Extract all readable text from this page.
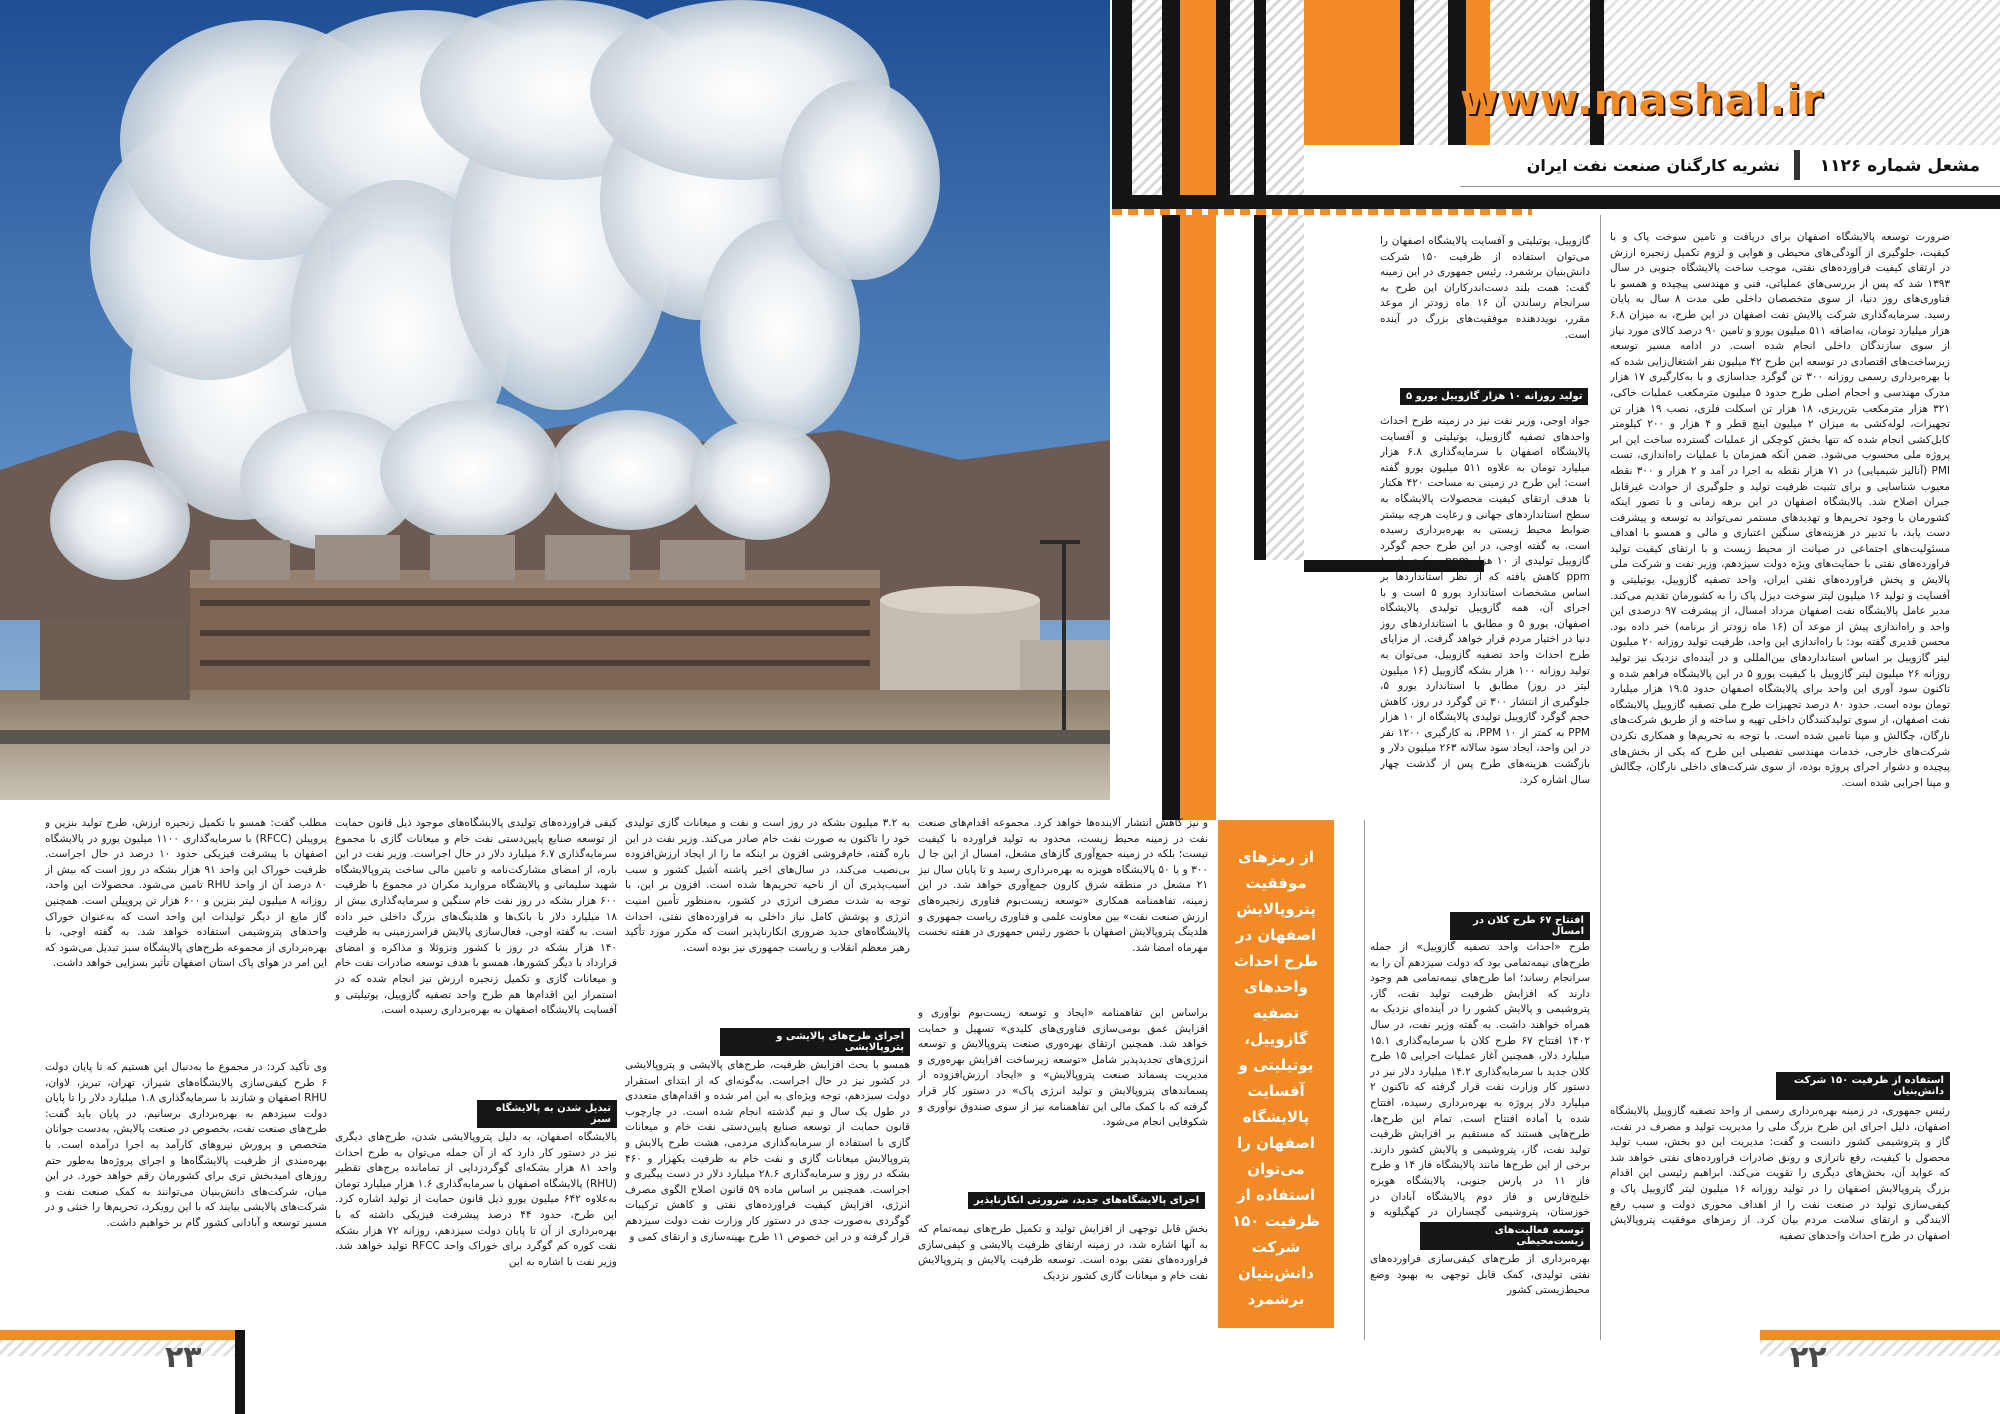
www.mashal.ir
مشعل شماره ۱۱۲۶
نشریه کارگنان صنعت نفت ایران
از رمزهای موفقیت پتروپالایش اصفهان در طرح احداث واحدهای تصفیه گازوییل، یوتیلیتی و آفسایت پالایشگاه اصفهان را می‌توان استفاده از ظرفیت ۱۵۰ شرکت دانش‌بنیان برشمرد

ضرورت توسعه پالایشگاه اصفهان برای دریافت و تامین سوخت پاک و با کیفیت، جلوگیری از آلودگی‌های محیطی و هوایی و لزوم تکمیل زنجیره ارزش در ارتقای کیفیت فراورده‌های نفتی، موجب ساخت پالایشگاه جنوبی در سال ۱۳۹۳ شد که پس از بررسی‌های عملیاتی، فنی و مهندسی پیچیده و همسو با فناوری‌های روز دنیا، از سوی متخصصان داخلی طی مدت ۸ سال به پایان رسید. سرمایه‌گذاری شرکت پالایش نفت اصفهان در این طرح، به میزان ۶.۸ هزار میلیارد تومان، به‌اضافه ۵۱۱ میلیون یورو و تامین ۹۰ درصد کالای مورد نیاز از سوی سازندگان داخلی انجام شده است. در ادامه مسیر توسعه زیرساخت‌های اقتصادی در توسعه این طرح ۴۲ میلیون نفر اشتغال‌زایی شده که با بهره‌برداری رسمی روزانه ۳۰۰ تن گوگرد جداسازی و با به‌کارگیری ۱۷ هزار مدرک مهندسی و احجام اصلی طرح حدود ۵ میلیون مترمکعب عملیات خاکی، ۳۲۱ هزار مترمکعب بتن‌ریزی، ۱۸ هزار تن اسکلت فلزی، نصب ۱۹ هزار تن تجهیزات، لوله‌کشی به میزان ۲ میلیون اینچ قطر و ۴ هزار و ۲۰۰ کیلومتر کابل‌کشی انجام شده که تنها بخش کوچکی از عملیات گسترده ساخت این ابر پروژه ملی محسوب می‌شود. ضمن آنکه همزمان با عملیات راه‌اندازی، تست PMI (آنالیز شیمیایی) در ۷۱ هزار نقطه به اجرا در آمد و ۲ هزار و ۳۰۰ نقطه معیوب شناسایی و برای تثبیت ظرفیت تولید و جلوگیری از حوادث غیرقابل جبران اصلاح شد. پالایشگاه اصفهان در این برهه زمانی و با تصور اینکه کشورمان با وجود تحریم‌ها و تهدیدهای مستمر نمی‌تواند به توسعه و پیشرفت دست یابد، با تدبیر در هزینه‌های سنگین اعتباری و مالی و همسو با اهداف مسئولیت‌های اجتماعی در صیانت از محیط زیست و با ارتقای کیفیت تولید فراورده‌های نفتی با حمایت‌های ویژه دولت سیزدهم، وزیر نفت و شرکت ملی پالایش و پخش فراورده‌های نفتی ایران، واحد تصفیه گازوییل، یوتیلیتی و آفسایت و تولید ۱۶ میلیون لیتر سوخت دیزل پاک را به کشورمان تقدیم می‌کند. مدیر عامل پالایشگاه نفت اصفهان مرداد امسال، از پیشرفت ۹۷ درصدی این واحد و راه‌اندازی پیش از موعد آن (۱۶ ماه زودتر از برنامه) خبر داده بود. محسن قدیری گفته بود: با راه‌اندازی این واحد، ظرفیت تولید روزانه ۲۰ میلیون لیتر گازوییل بر اساس استانداردهای بین‌المللی و در آینده‌ای نزدیک نیز تولید روزانه ۲۶ میلیون لیتر گازوییل با کیفیت یورو ۵ در این پالایشگاه فراهم شده و تاکنون سود آوری این واحد برای پالایشگاه اصفهان حدود ۱۹.۵ هزار میلیارد تومان بوده است. حدود ۸۰ درصد تجهیزات طرح ملی تصفیه گازوییل پالایشگاه نفت اصفهان، از سوی تولیدکنندگان داخلی تهیه و ساخته و از طریق شرکت‌های نارگان، چگالش و مپنا تامین شده است. با توجه به تحریم‌ها و همکاری نکردن شرکت‌های خارجی، خدمات مهندسی تفصیلی این طرح که یکی از بخش‌های پیچیده و دشوار اجرای پروژه بوده، از سوی شرکت‌های داخلی نارگان، چگالش و مپنا اجرایی شده است.

استفاده از ظرفیت ۱۵۰ شرکت دانش‌بنیان

رئیس جمهوری، در زمینه بهره‌برداری رسمی از واحد تصفیه گازوییل پالایشگاه اصفهان، دلیل اجرای این طرح بزرگ ملی را مدیریت تولید و مصرف در نفت، گاز و پتروشیمی کشور دانست و گفت: مدیریت این دو بخش، سبب تولید محصول با کیفیت، رفع ناترازی و رونق صادرات فراورده‌های نفتی خواهد شد که عواید آن، بخش‌های دیگری را تقویت می‌کند. ابراهیم رئیسی این اقدام بزرگ پتروپالایش اصفهان را در تولید روزانه ۱۶ میلیون لیتر گازوییل پاک و کیفی‌سازی تولید در صنعت نفت را از اهداف محوری دولت و سبب رفع آلایندگی و ارتقای سلامت مردم بیان کرد. از رمزهای موفقیت پتروپالایش اصفهان در طرح احداث واحدهای تصفیه

گازوییل، یوتیلیتی و آفسایت پالایشگاه اصفهان را می‌توان استفاده از ظرفیت ۱۵۰ شرکت دانش‌بنیان برشمرد. رئیس جمهوری در این زمینه گفت: همت بلند دست‌اندرکاران این طرح به سرانجام رساندن آن ۱۶ ماه زودتر از موعد مقرر، نویددهنده موفقیت‌های بزرگ در آینده است.

تولید روزانه ۱۰ هزار گازوییل یورو ۵

جواد اوجی، وزیر نفت نیز در زمینه طرح احداث واحدهای تصفیه گازوییل، یوتیلیتی و آفسایت پالایشگاه اصفهان با سرمایه‌گذاری ۶.۸ هزار میلیارد تومان به علاوه ۵۱۱ میلیون یورو گفته است: این طرح در زمینی به مساحت ۴۲۰ هکتار با هدف ارتقای کیفیت محصولات پالایشگاه به سطح استانداردهای جهانی و رعایت هرچه بیشتر ضوابط محیط زیستی به بهره‌برداری رسیده است. به گفته اوجی، در این طرح حجم گوگرد گازوییل تولیدی از ۱۰ هزار ppm به کمتر از ۱۰ ppm کاهش یافته که از نظر استانداردها بر اساس مشخصات استاندارد یورو ۵ است و با اجرای آن، همه گازوییل تولیدی پالایشگاه اصفهان، یورو ۵ و مطابق با استانداردهای روز دنیا در اختیار مردم قرار خواهد گرفت. از مزایای طرح احداث واحد تصفیه گازوییل، می‌توان به تولید روزانه ۱۰۰ هزار بشکه گازوییل (۱۶ میلیون لیتر در روز) مطابق با استاندارد یورو ۵، جلوگیری از انتشار ۳۰۰ تن گوگرد در روز، کاهش حجم گوگرد گازوییل تولیدی پالایشگاه از ۱۰ هزار PPM به کمتر از ۱۰ PPM، به کارگیری ۱۲۰۰ نفر در این واحد، ایجاد سود سالانه ۲۶۳ میلیون دلار و بازگشت هزینه‌های طرح پس از گذشت چهار سال اشاره کرد.

افتتاح ۶۷ طرح کلان در امسال

طرح «احداث واحد تصفیه گازوییل» از جمله طرح‌های نیمه‌تمامی بود که دولت سیزدهم آن را به سرانجام رساند؛ اما طرح‌های نیمه‌تمامی هم وجود دارند که افزایش ظرفیت تولید نفت، گاز، پتروشیمی و پالایش کشور را در آینده‌ای نزدیک به همراه خواهند داشت. به گفته وزیر نفت، در سال ۱۴۰۲ افتتاح ۶۷ طرح کلان با سرمایه‌گذاری ۱۵.۱ میلیارد دلار، همچنین آغاز عملیات اجرایی ۱۵ طرح کلان جدید با سرمایه‌گذاری ۱۴.۲ میلیارد دلار نیز در دستور کار وزارت نفت قرار گرفته که تاکنون ۲ میلیارد دلار پروژه به بهره‌برداری رسیده، افتتاح شده یا آماده افتتاح است. تمام این طرح‌ها، طرح‌هایی هستند که مستقیم بر افزایش ظرفیت تولید نفت، گاز، پتروشیمی و پالایش کشور دارند. برخی از این طرح‌ها مانند پالایشگاه فاز ۱۴ و طرح فاز ۱۱ در پارس جنوبی، پالایشگاه هویزه خلیج‌فارس و فاز دوم پالایشگاه آبادان در خوزستان، پتروشیمی گچساران در کهگیلویه و

توسعه فعالیت‌های زیست‌محیطی

بهره‌برداری از طرح‌های کیفی‌سازی فراورده‌های نفتی تولیدی، کمک قابل توجهی به بهبود وضع محیط‌زیستی کشور

و نیز کاهش انتشار آلاینده‌ها خواهد کرد. مجموعه اقدام‌های صنعت نفت در زمینه محیط زیست، محدود به تولید فراورده با کیفیت نیست؛ بلکه در زمینه جمع‌آوری گازهای مشعل، امسال از این جا ل ۳۰۰ و یا ۵۰ پالایشگاه هویزه به بهره‌برداری رسید و تا پایان سال نیز ۲۱ مشعل در منطقه شرق کارون جمع‌آوری خواهد شد. در این زمینه، تفاهمنامه همکاری «توسعه زیست‌بوم فناوری زنجیره‌های ارزش صنعت نفت» بین معاونت علمی و فناوری ریاست جمهوری و هلدینگ پتروپالایش اصفهان با حضور رئیس جمهوری در هفته نخست مهرماه امضا شد.

براساس این تفاهمنامه «ایجاد و توسعه زیست‌بوم نوآوری و افزایش عمق بومی‌سازی فناوری‌های کلیدی» تسهیل و حمایت خواهد شد. همچنین ارتقای بهره‌وری صنعت پتروپالایش و توسعه انرژی‌های تجدیدپذیر شامل «توسعه زیرساخت افزایش بهره‌وری و مدیریت پسماند صنعت پتروپالایش» و «ایجاد ارزش‌افزوده از پسماندهای پتروپالایش و تولید انرژی پاک» در دستور کار قرار گرفته که با کمک مالی این تفاهمنامه نیز از سوی صندوق نوآوری و شکوفایی انجام می‌شود.

اجرای پالایشگاه‌های جدید، ضرورتی انکارناپذیر

بخش قابل توجهی از افزایش تولید و تکمیل طرح‌های نیمه‌تمام که به آنها اشاره شد، در زمینه ارتقای ظرفیت پالایشی و کیفی‌سازی فراورده‌های نفتی بوده است. توسعه ظرفیت پالایش و پتروپالایش نفت خام و میعانات گازی کشور نزدیک

به ۳.۲ میلیون بشکه در روز است و نفت و میعانات گازی تولیدی خود را تاکنون به صورت نفت خام صادر می‌کند. وزیر نفت در این باره گفته، خام‌فروشی افزون بر اینکه ما را از ایجاد ارزش‌افزوده بی‌نصیب می‌کند، در سال‌های اخیر پاشنه آشیل کشور و سبب آسیب‌پذیری آن از ناحیه تحریم‌ها شده است. افزون بر این، با توجه به شدت مصرف انرژی در کشور، به‌منظور تأمین امنیت انرژی و پوشش کامل نیاز داخلی به فراورده‌های نفتی، احداث پالایشگاه‌های جدید ضروری انکارناپذیر است که مکرر مورد تأکید رهبر معظم انقلاب و ریاست جمهوری نیز بوده است.

اجرای طرح‌های پالایشی و پتروپالایشی

همسو با بحث افزایش ظرفیت، طرح‌های پالایشی و پتروپالایشی در کشور نیز در حال اجراست. به‌گونه‌ای که از ابتدای استقرار دولت سیزدهم، توجه ویژه‌ای به این امر شده و اقدام‌های متعددی در طول یک سال و نیم گذشته انجام شده است. در چارچوب قانون حمایت از توسعه صنایع پایین‌دستی نفت خام و میعانات گازی با استفاده از سرمایه‌گذاری مردمی، هشت طرح پالایش و پتروپالایش میعانات گازی و نفت خام به ظرفیت یکهزار و ۴۶۰ بشکه در روز و سرمایه‌گذاری ۲۸.۶ میلیارد دلار در دست پیگیری و اجراست. همچنین بر اساس ماده ۵۹ قانون اصلاح الگوی مصرف انرژی، افزایش کیفیت فراورده‌های نفتی و کاهش ترکیبات گوگردی به‌صورت جدی در دستور کار وزارت نفت دولت سیزدهم قرار گرفته و در این خصوص ۱۱ طرح بهینه‌سازی و ارتقای کمی و

کیفی فراورده‌های تولیدی پالایشگاه‌های موجود ذیل قانون حمایت از توسعه صنایع پایین‌دستی نفت خام و میعانات گازی با مجموع سرمایه‌گذاری ۶.۷ میلیارد دلار در حال اجراست. وزیر نفت در این باره، از امضای مشارکت‌نامه و تامین مالی ساخت پتروپالایشگاه شهید سلیمانی و پالایشگاه مروارید مکران در مجموع با ظرفیت ۶۰۰ هزار بشکه در روز نفت خام سنگین و سرمایه‌گذاری بیش از ۱۸ میلیارد دلار با بانک‌ها و هلدینگ‌های بزرگ داخلی خبر داده است. به گفته اوجی، فعال‌سازی پالایش فراسرزمینی به ظرفیت ۱۴۰ هزار بشکه در روز با کشور ونزوئلا و مذاکره و امضای قرارداد با دیگر کشورها، همسو با هدف توسعه صادرات نفت خام و میعانات گازی و تکمیل زنجیره ارزش نیز انجام شده که در استمرار این اقدام‌ها هم طرح واحد تصفیه گازوییل، یوتیلیتی و آفسایت پالایشگاه اصفهان به بهره‌برداری رسیده است.

تبدیل شدن به پالایشگاه سبز

پالایشگاه اصفهان، به دلیل پتروپالایشی شدن، طرح‌های دیگری نیز در دستور کار دارد که از آن جمله می‌توان به طرح احداث واحد ۸۱ هزار بشکه‌ای گوگردزدایی از تمامانده برج‌های تقطیر (RHU) پالایشگاه اصفهان با سرمایه‌گذاری ۱.۶ هزار میلیارد تومان به‌علاوه ۶۴۲ میلیون یورو ذیل قانون حمایت از تولید اشاره کرد. این طرح، حدود ۴۴ درصد پیشرفت فیزیکی داشته که با بهره‌برداری از آن تا پایان دولت سیزدهم، روزانه ۷۲ هزار بشکه نفت کوره کم گوگرد برای خوراک واحد RFCC تولید خواهد شد. وزیر نفت با اشاره به این

مطلب گفت: همسو با تکمیل زنجیره ارزش، طرح تولید بنزین و پروپیلن (RFCC) با سرمایه‌گذاری ۱۱۰۰ میلیون یورو در پالایشگاه اصفهان با پیشرفت فیزیکی حدود ۱۰ درصد در حال اجراست. ظرفیت خوراک این واحد ۹۱ هزار بشکه در روز است که بیش از ۸۰ درصد آن از واحد RHU تامین می‌شود. محصولات این واحد، روزانه ۸ میلیون لیتر بنزین و ۶۰۰ هزار تن پروپیلن است. همچنین گاز مایع از دیگر تولیدات این واحد است که به‌عنوان خوراک واحدهای پتروشیمی استفاده خواهد شد. به گفته اوجی، با بهره‌برداری از مجموعه طرح‌های پالایشگاه سبز تبدیل می‌شود که این امر در هوای پاک استان اصفهان تأثیر بسزایی خواهد داشت.

وی تأکید کرد: در مجموع ما به‌دنبال این هستیم که تا پایان دولت ۶ طرح کیفی‌سازی پالایشگاه‌های شیراز، تهران، تبریز، لاوان، RHU اصفهان و شازند با سرمایه‌گذاری ۱.۸ میلیارد دلار را تا پایان دولت سیزدهم به بهره‌برداری برسانیم. در پایان باید گفت: طرح‌های صنعت نفت، بخصوص در صنعت پالایش، به‌دست جوانان متخصص و پرورش نیروهای کارآمد به اجرا درآمده است. با بهره‌مندی از ظرفیت پالایشگاه‌ها و اجرای پروژه‌ها به‌طور حتم روزهای امیدبخش تری برای کشورمان رقم خواهد خورد. در این میان، شرکت‌های دانش‌بنیان می‌توانند به کمک صنعت نفت و شرکت‌های پالایشی بیایند که با این رویکرد، تحریم‌ها را خنثی و در مسیر توسعه و آبادانی کشور گام بر خواهیم داشت.

۲۳	۲۲
